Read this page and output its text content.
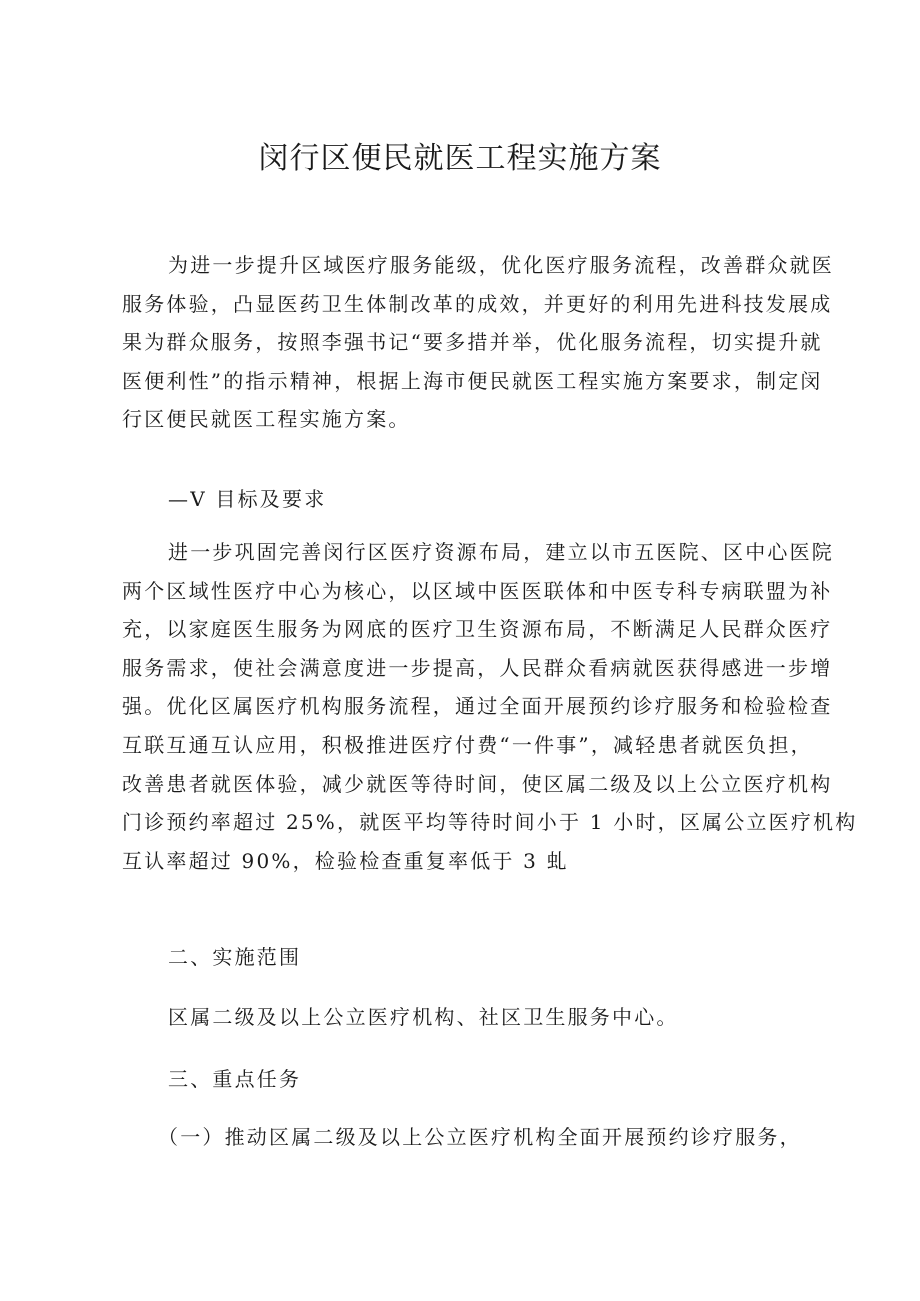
闵行区便民就医工程实施方案
为进一步提升区域医疗服务能级，优化医疗服务流程，改善群众就医
服务体验，凸显医药卫生体制改革的成效，并更好的利用先进科技发展成
果为群众服务，按照李强书记“要多措并举，优化服务流程，切实提升就
医便利性”的指示精神，根据上海市便民就医工程实施方案要求，制定闵
行区便民就医工程实施方案。
—V 目标及要求
进一步巩固完善闵行区医疗资源布局，建立以市五医院、区中心医院
两个区域性医疗中心为核心，以区域中医医联体和中医专科专病联盟为补
充，以家庭医生服务为网底的医疗卫生资源布局，不断满足人民群众医疗
服务需求，使社会满意度进一步提高，人民群众看病就医获得感进一步增
强。优化区属医疗机构服务流程，通过全面开展预约诊疗服务和检验检查
互联互通互认应用，积极推进医疗付费“一件事”，减轻患者就医负担，
改善患者就医体验，减少就医等待时间，使区属二级及以上公立医疗机构
门诊预约率超过 25%，就医平均等待时间小于 1 小时，区属公立医疗机构
互认率超过 90%，检验检查重复率低于 3 虬
二、实施范围
区属二级及以上公立医疗机构、社区卫生服务中心。
三、重点任务
（一）推动区属二级及以上公立医疗机构全面开展预约诊疗服务，
